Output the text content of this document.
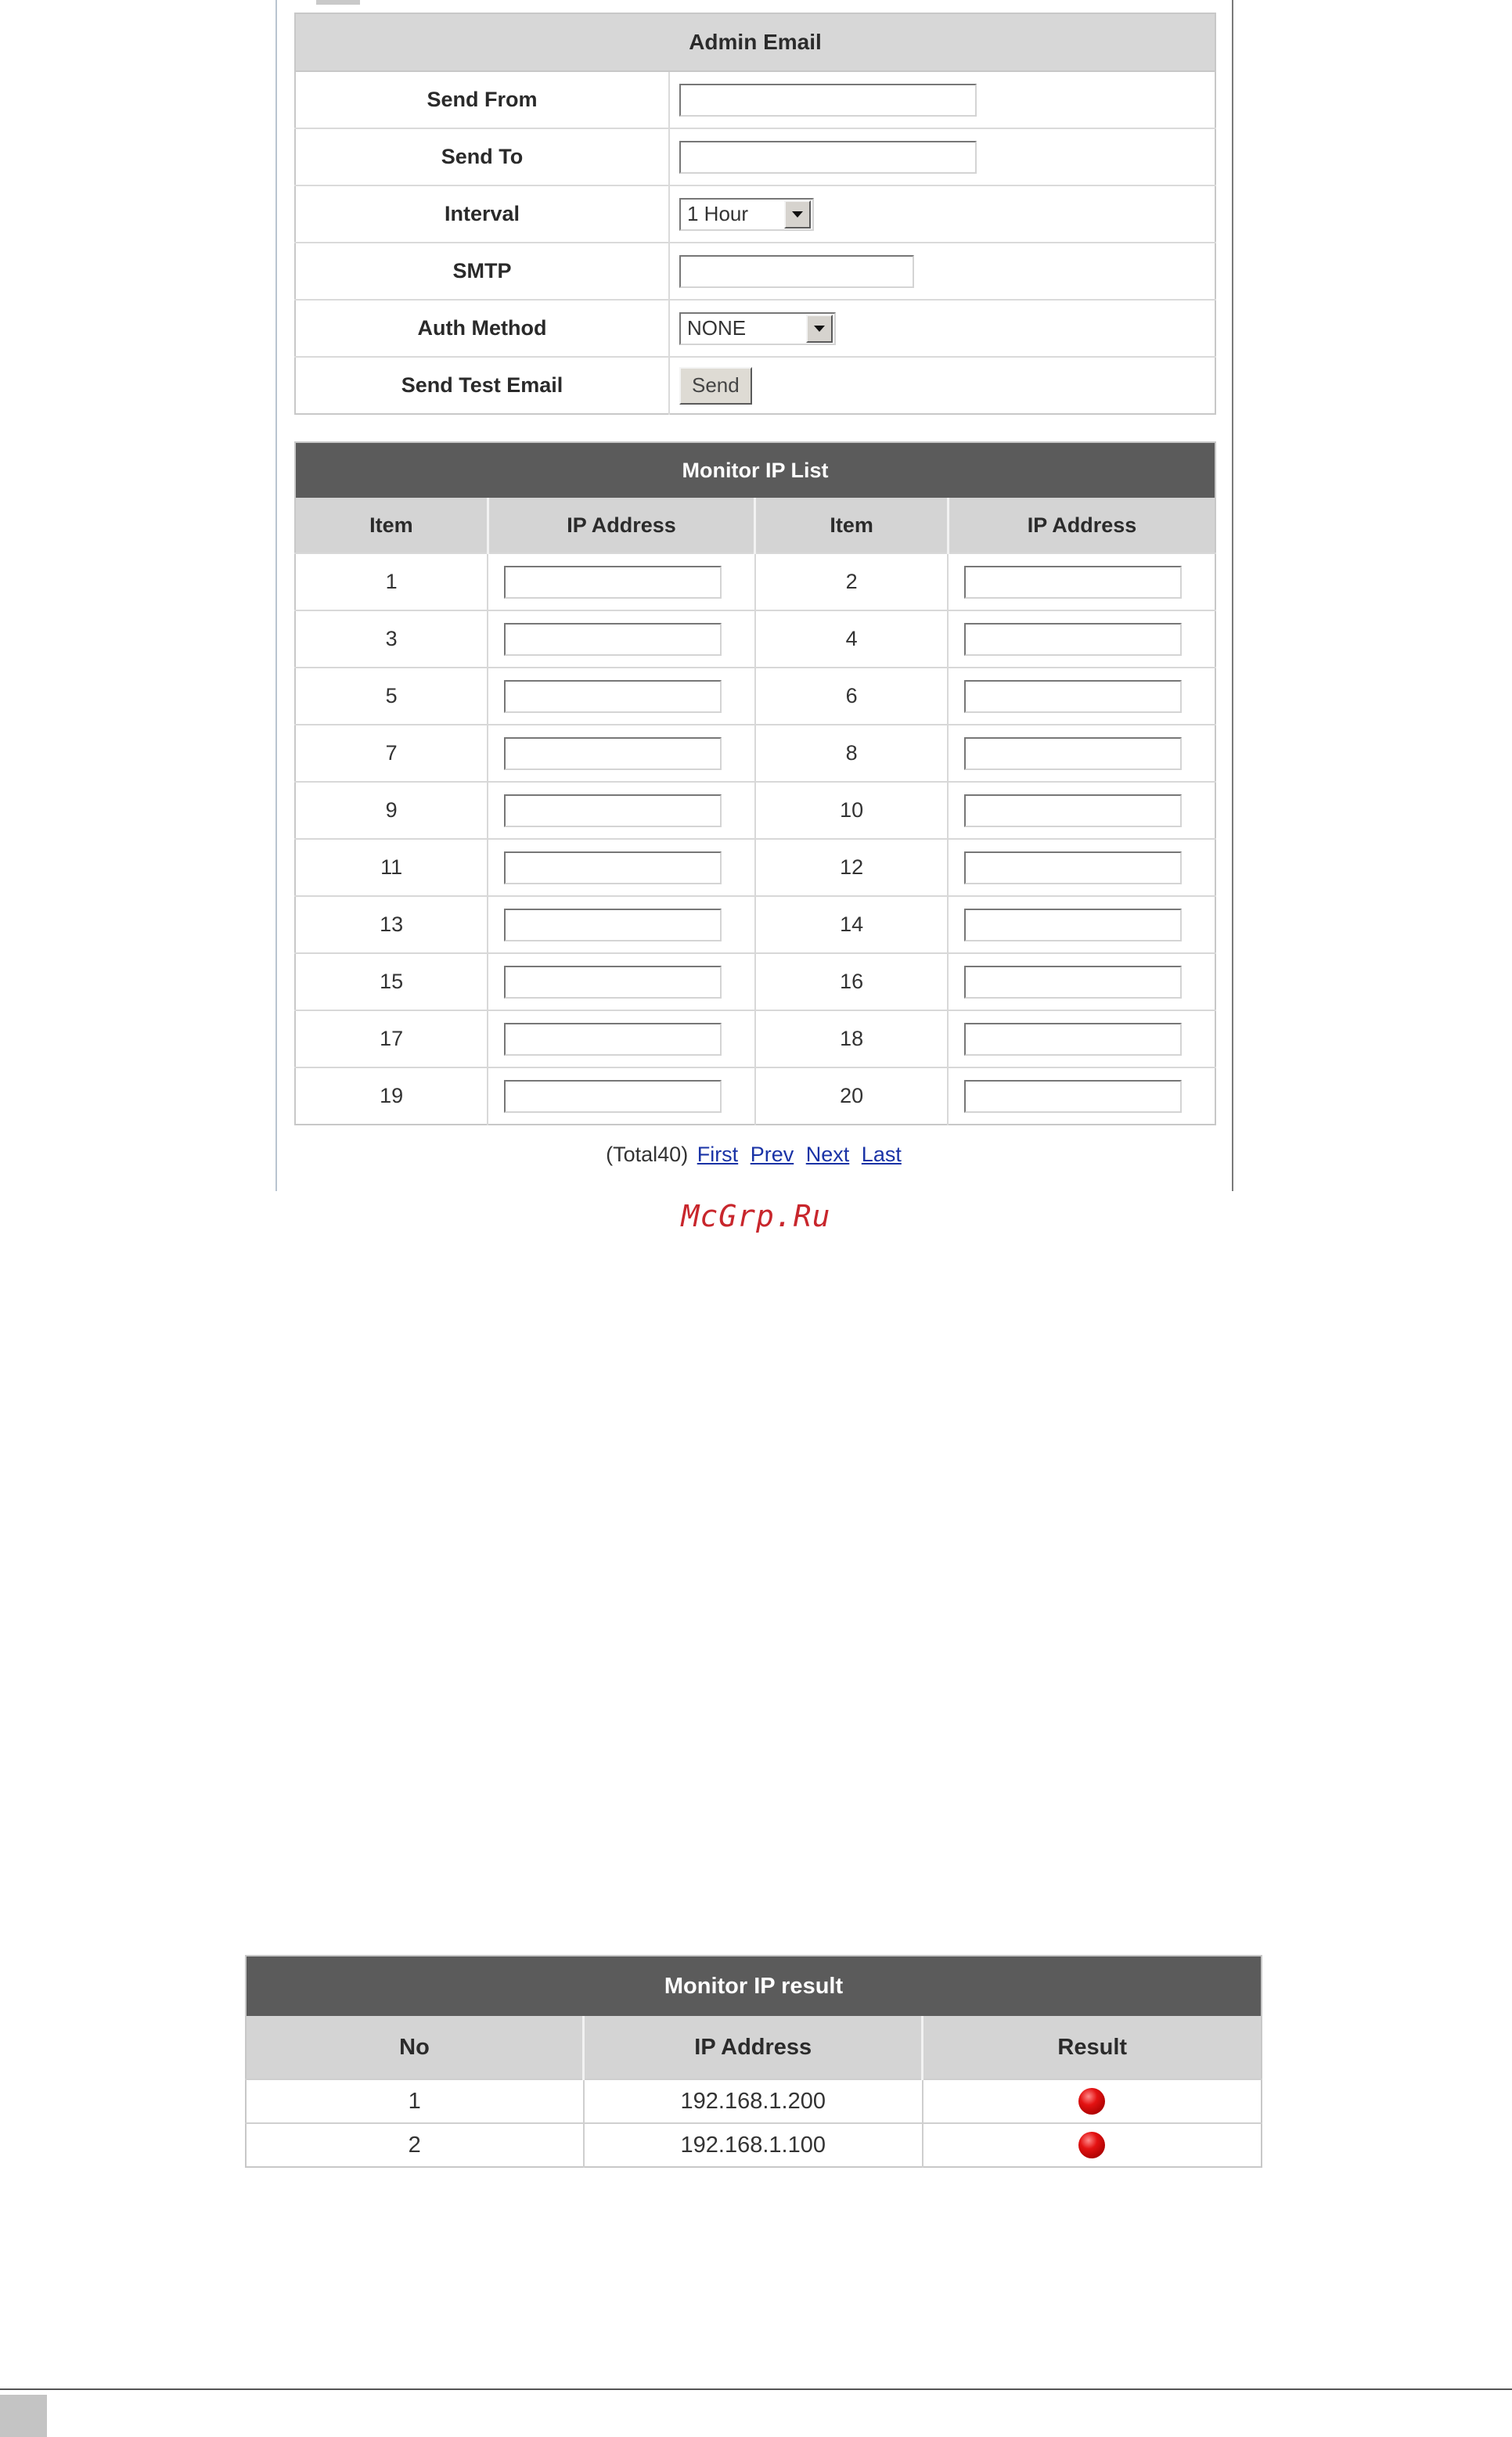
Admin Email	
Send From	
Send To	
Interval	1 Hour

SMTP	
Auth Method	NONE

Send Test Email	Send
Monitor IP List			
Item	IP Address	Item	IP Address
1		2	
3		4	
5		6	
7		8	
9		10	
11		12	
13		14	
15		16	
17		18	
19		20	
(Total40) First Prev Next Last
McGrp.Ru
Monitor IP result		
No	IP Address	Result
1	192.168.1.200	
2	192.168.1.100	
